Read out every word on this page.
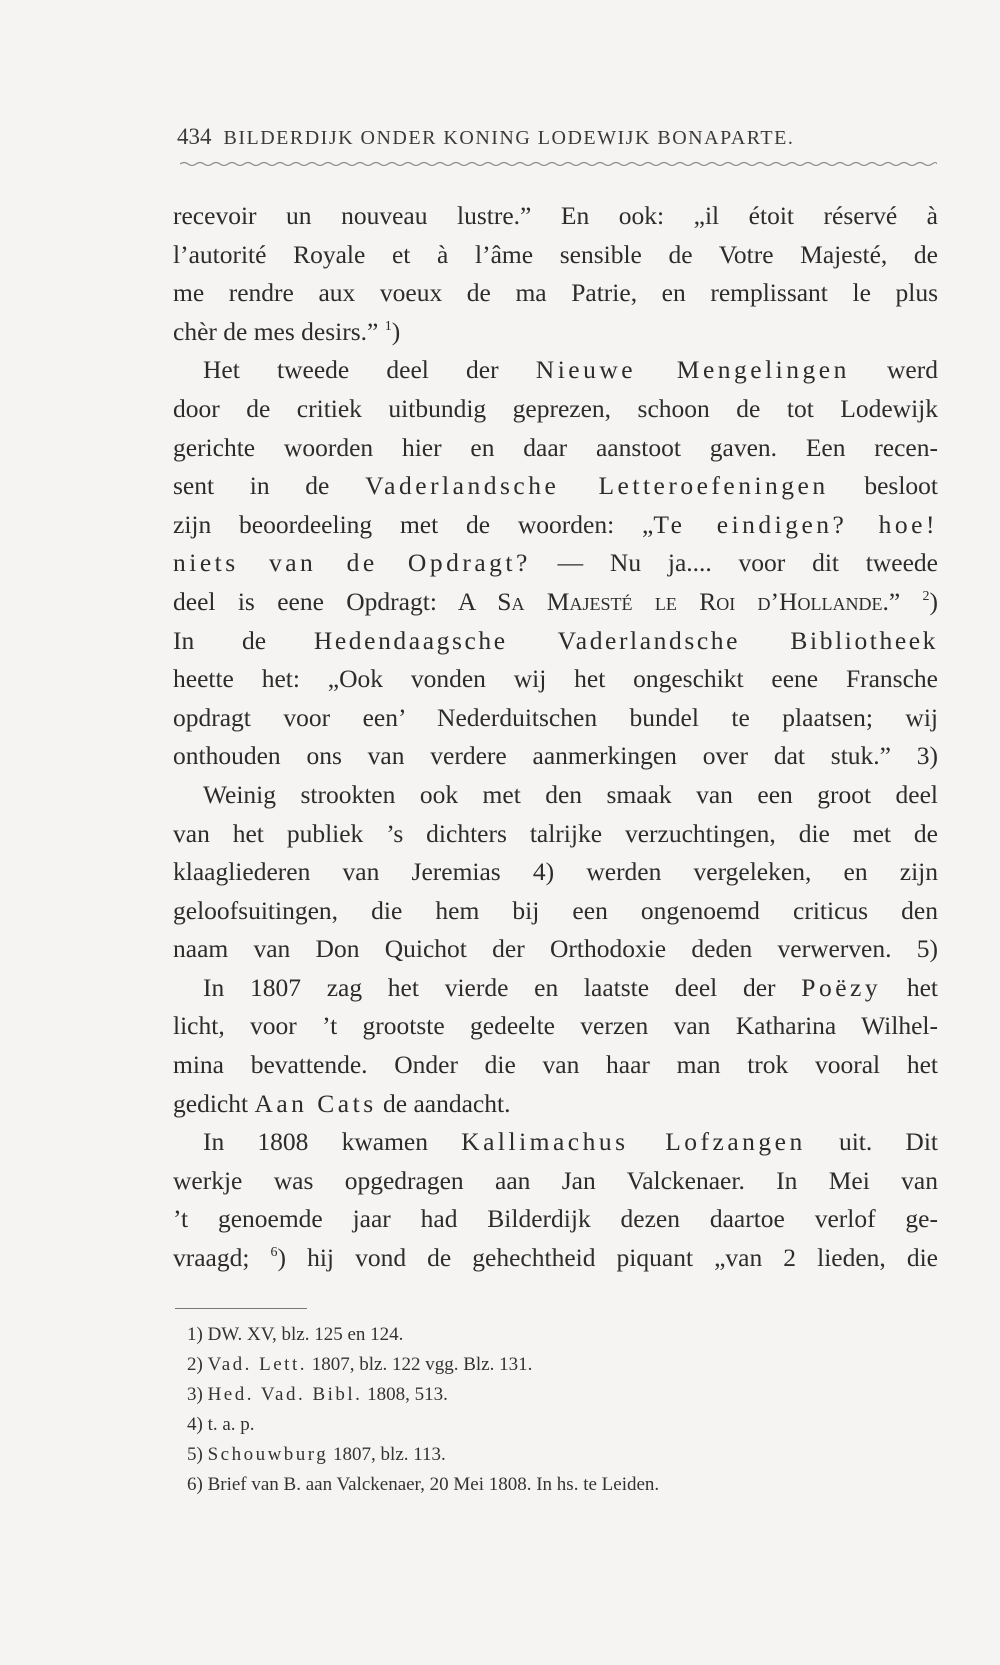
434 BILDERDIJK ONDER KONING LODEWIJK BONAPARTE.
recevoir un nouveau lustre.” En ook: „il étoit réservé à
l’autorité Royale et à l’âme sensible de Votre Majesté, de
me rendre aux voeux de ma Patrie, en remplissant le plus
chèr de mes desirs.” $^1$)
Het tweede deel der Nieuwe Mengelingen werd
door de critiek uitbundig geprezen, schoon de tot Lodewijk
gerichte woorden hier en daar aanstoot gaven. Een recen-
sent in de Vaderlandsche Letteroefeningen besloot
zijn beoordeeling met de woorden: „Te eindigen? hoe!
niets van de Opdragt? — Nu ja.... voor dit tweede
deel is eene Opdragt: A Sa Majesté le Roi d’Hollande.” $^2$)
In de Hedendaagsche Vaderlandsche Bibliotheek
heette het: „Ook vonden wij het ongeschikt eene Fransche
opdragt voor een’ Nederduitschen bundel te plaatsen; wij
onthouden ons van verdere aanmerkingen over dat stuk.” 3)
Weinig strookten ook met den smaak van een groot deel
van het publiek ’s dichters talrijke verzuchtingen, die met de
klaagliederen van Jeremias 4) werden vergeleken, en zijn
geloofsuitingen, die hem bij een ongenoemd criticus den
naam van Don Quichot der Orthodoxie deden verwerven. 5)
In 1807 zag het vierde en laatste deel der Poëzy het
licht, voor ’t grootste gedeelte verzen van Katharina Wilhel-
mina bevattende. Onder die van haar man trok vooral het
gedicht Aan Cats de aandacht.
In 1808 kwamen Kallimachus Lofzangen uit. Dit
werkje was opgedragen aan Jan Valckenaer. In Mei van
’t genoemde jaar had Bilderdijk dezen daartoe verlof ge-
vraagd; $^6$) hij vond de gehechtheid piquant „van 2 lieden, die
1) DW. XV, blz. 125 en 124.
2) Vad. Lett. 1807, blz. 122 vgg. Blz. 131.
3) Hed. Vad. Bibl. 1808, 513.
4) t. a. p.
5) Schouwburg 1807, blz. 113.
6) Brief van B. aan Valckenaer, 20 Mei 1808. In hs. te Leiden.
